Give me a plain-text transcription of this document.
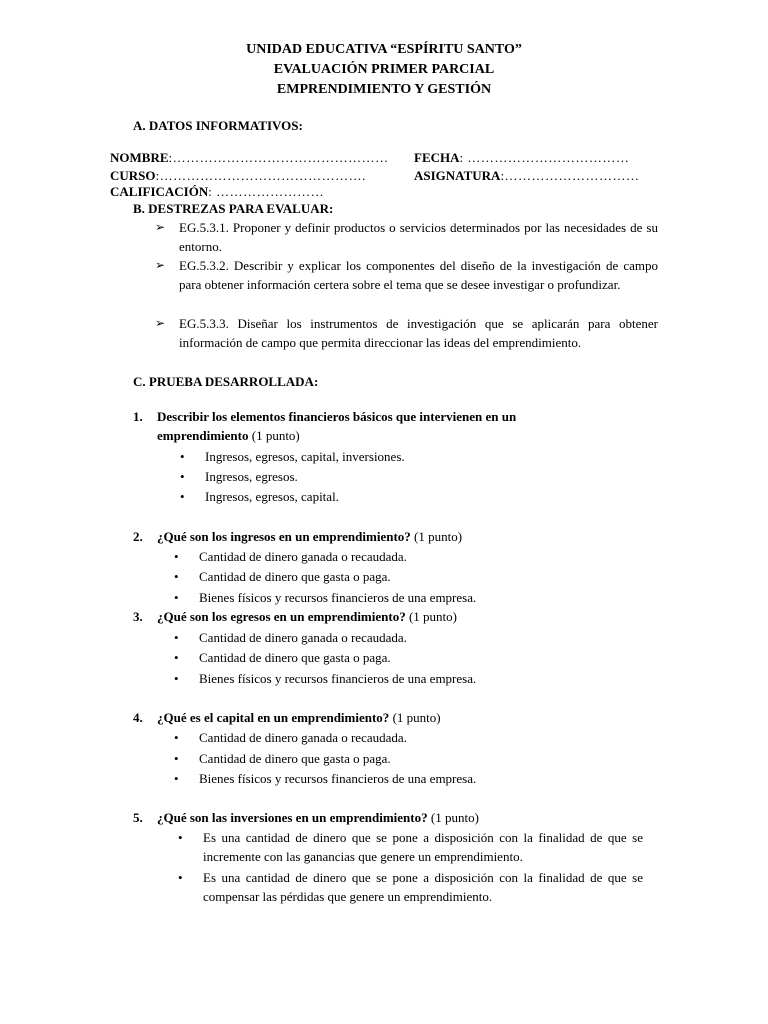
UNIDAD EDUCATIVA “ESPÍRITU SANTO”
EVALUACIÓN PRIMER PARCIAL
EMPRENDIMIENTO Y GESTIÓN
A. DATOS INFORMATIVOS:
NOMBRE:………………………………………… FECHA: ………………………………
CURSO:……………………………………….	ASIGNATURA:…………………………
CALIFICACIÓN: ……………………
B. DESTREZAS PARA EVALUAR:
➢ EG.5.3.1. Proponer y definir productos o servicios determinados por las necesidades de su entorno.
➢ EG.5.3.2. Describir y explicar los componentes del diseño de la investigación de campo para obtener información certera sobre el tema que se desee investigar o profundizar.
➢ EG.5.3.3. Diseñar los instrumentos de investigación que se aplicarán para obtener información de campo que permita direccionar las ideas del emprendimiento.
C. PRUEBA DESARROLLADA:
1. Describir los elementos financieros básicos que intervienen en un emprendimiento (1 punto)
• Ingresos, egresos, capital, inversiones.
• Ingresos, egresos.
• Ingresos, egresos, capital.
2. ¿Qué son los ingresos en un emprendimiento? (1 punto)
• Cantidad de dinero ganada o recaudada.
• Cantidad de dinero que gasta o paga.
• Bienes físicos y recursos financieros de una empresa.
3. ¿Qué son los egresos en un emprendimiento? (1 punto)
• Cantidad de dinero ganada o recaudada.
• Cantidad de dinero que gasta o paga.
• Bienes físicos y recursos financieros de una empresa.
4. ¿Qué es el capital en un emprendimiento? (1 punto)
• Cantidad de dinero ganada o recaudada.
• Cantidad de dinero que gasta o paga.
• Bienes físicos y recursos financieros de una empresa.
5. ¿Qué son las inversiones en un emprendimiento? (1 punto)
• Es una cantidad de dinero que se pone a disposición con la finalidad de que se incremente con las ganancias que genere un emprendimiento.
• Es una cantidad de dinero que se pone a disposición con la finalidad de que se compensar las pérdidas que genere un emprendimiento.
